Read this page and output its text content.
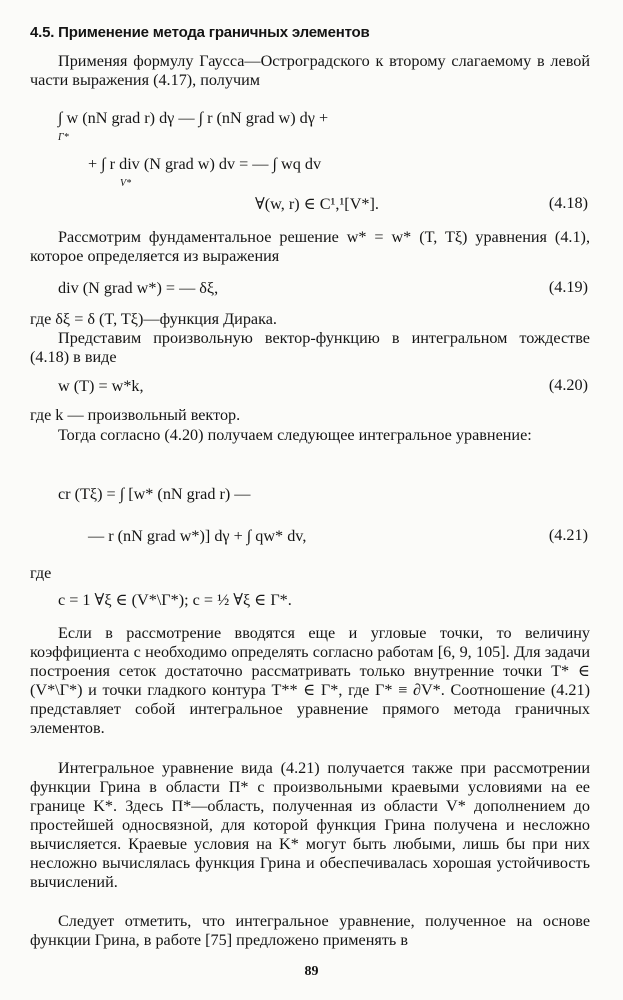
4.5. Применение метода граничных элементов
Применяя формулу Гаусса—Остроградского к второму слагаемому в левой части выражения (4.17), получим
∫ w (nN grad r) dγ — ∫ r (nN grad w) dγ +
Γ*
+ ∫ r div (N grad w) dv = — ∫ wq dv
V*
∀(w, r) ∈ C¹,¹[V*].	(4.18)
Рассмотрим фундаментальное решение w* = w* (T, Tξ) уравнения (4.1), которое определяется из выражения
div (N grad w*) = — δξ,	(4.19)
где δξ = δ (T, Tξ)—функция Дирака.
Представим произвольную вектор-функцию в интегральном тождестве (4.18) в виде
w (T) = w*k,	(4.20)
где k — произвольный вектор.
Тогда согласно (4.20) получаем следующее интегральное уравнение:
cr (Tξ) = ∫ [w* (nN grad r) —
— r (nN grad w*)] dγ + ∫ qw* dv,	(4.21)
где
c = 1 ∀ξ ∈ (V*\Γ*); c = ½ ∀ξ ∈ Γ*.
Если в рассмотрение вводятся еще и угловые точки, то величину коэффициента c необходимо определять согласно работам [6, 9, 105]. Для задачи построения сеток достаточно рассматривать только внутренние точки T* ∈ (V*\Γ*) и точки гладкого контура T** ∈ Γ*, где Γ* ≡ ∂V*. Соотношение (4.21) представляет собой интегральное уравнение прямого метода граничных элементов.
Интегральное уравнение вида (4.21) получается также при рассмотрении функции Грина в области П* с произвольными краевыми условиями на ее границе K*. Здесь П*—область, полученная из области V* дополнением до простейшей односвязной, для которой функция Грина получена и несложно вычисляется. Краевые условия на K* могут быть любыми, лишь бы при них несложно вычислялась функция Грина и обеспечивалась хорошая устойчивость вычислений.
Следует отметить, что интегральное уравнение, полученное на основе функции Грина, в работе [75] предложено применять в
89
